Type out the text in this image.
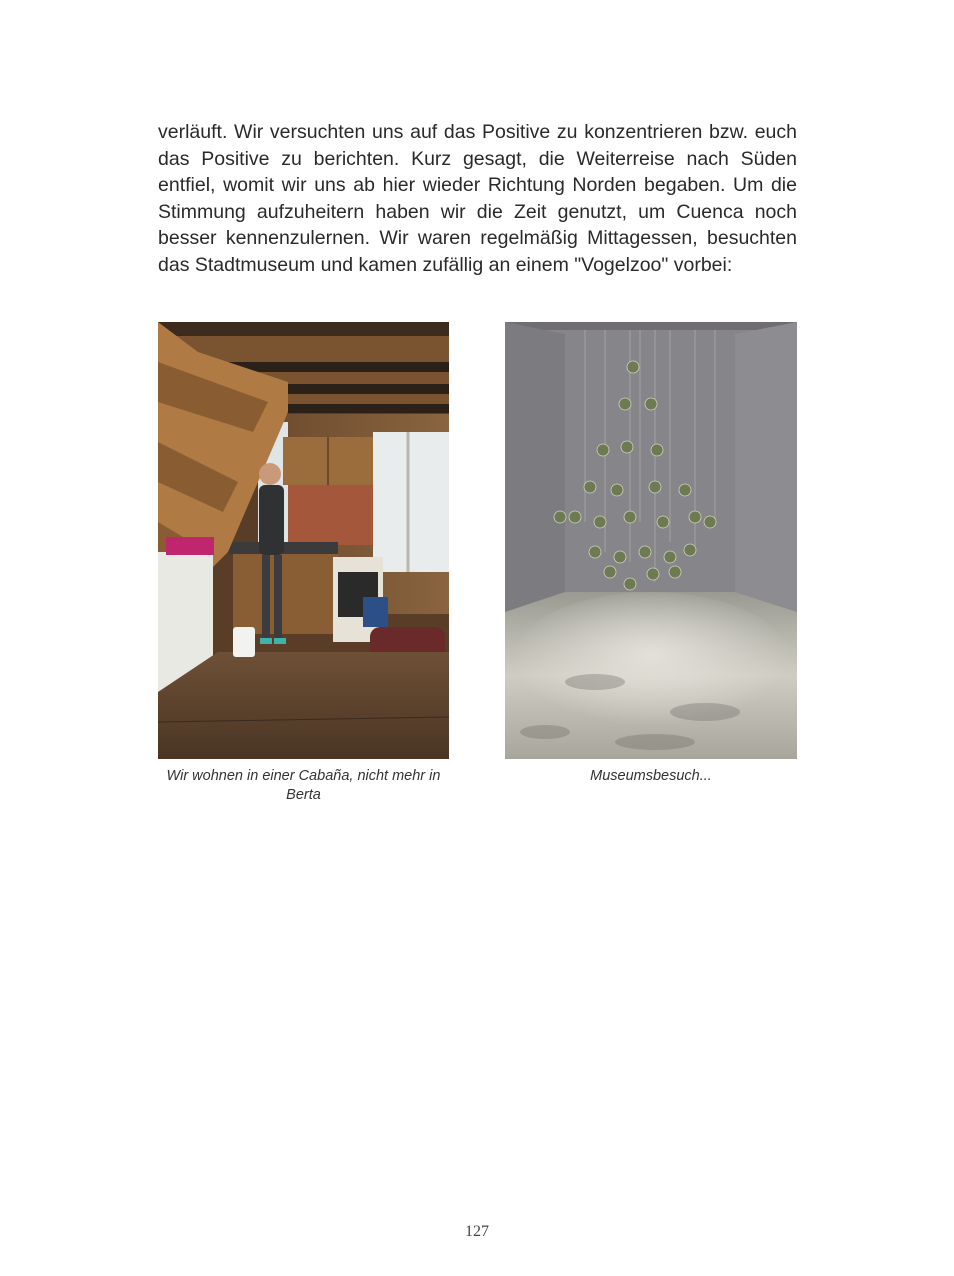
verläuft. Wir versuchten uns auf das Positive zu konzentrieren bzw. euch das Positive zu berichten. Kurz gesagt, die Weiterreise nach Süden entfiel, womit wir uns ab hier wieder Richtung Norden begaben. Um die Stimmung aufzuheitern haben wir die Zeit genutzt, um Cuenca noch besser kennenzulernen. Wir waren regelmäßig Mittagessen, besuchten das Stadtmuseum und kamen zufällig an einem "Vogelzoo" vorbei:

Wir wohnen in einer Cabaña, nicht mehr in Berta
Museumsbesuch...
127
